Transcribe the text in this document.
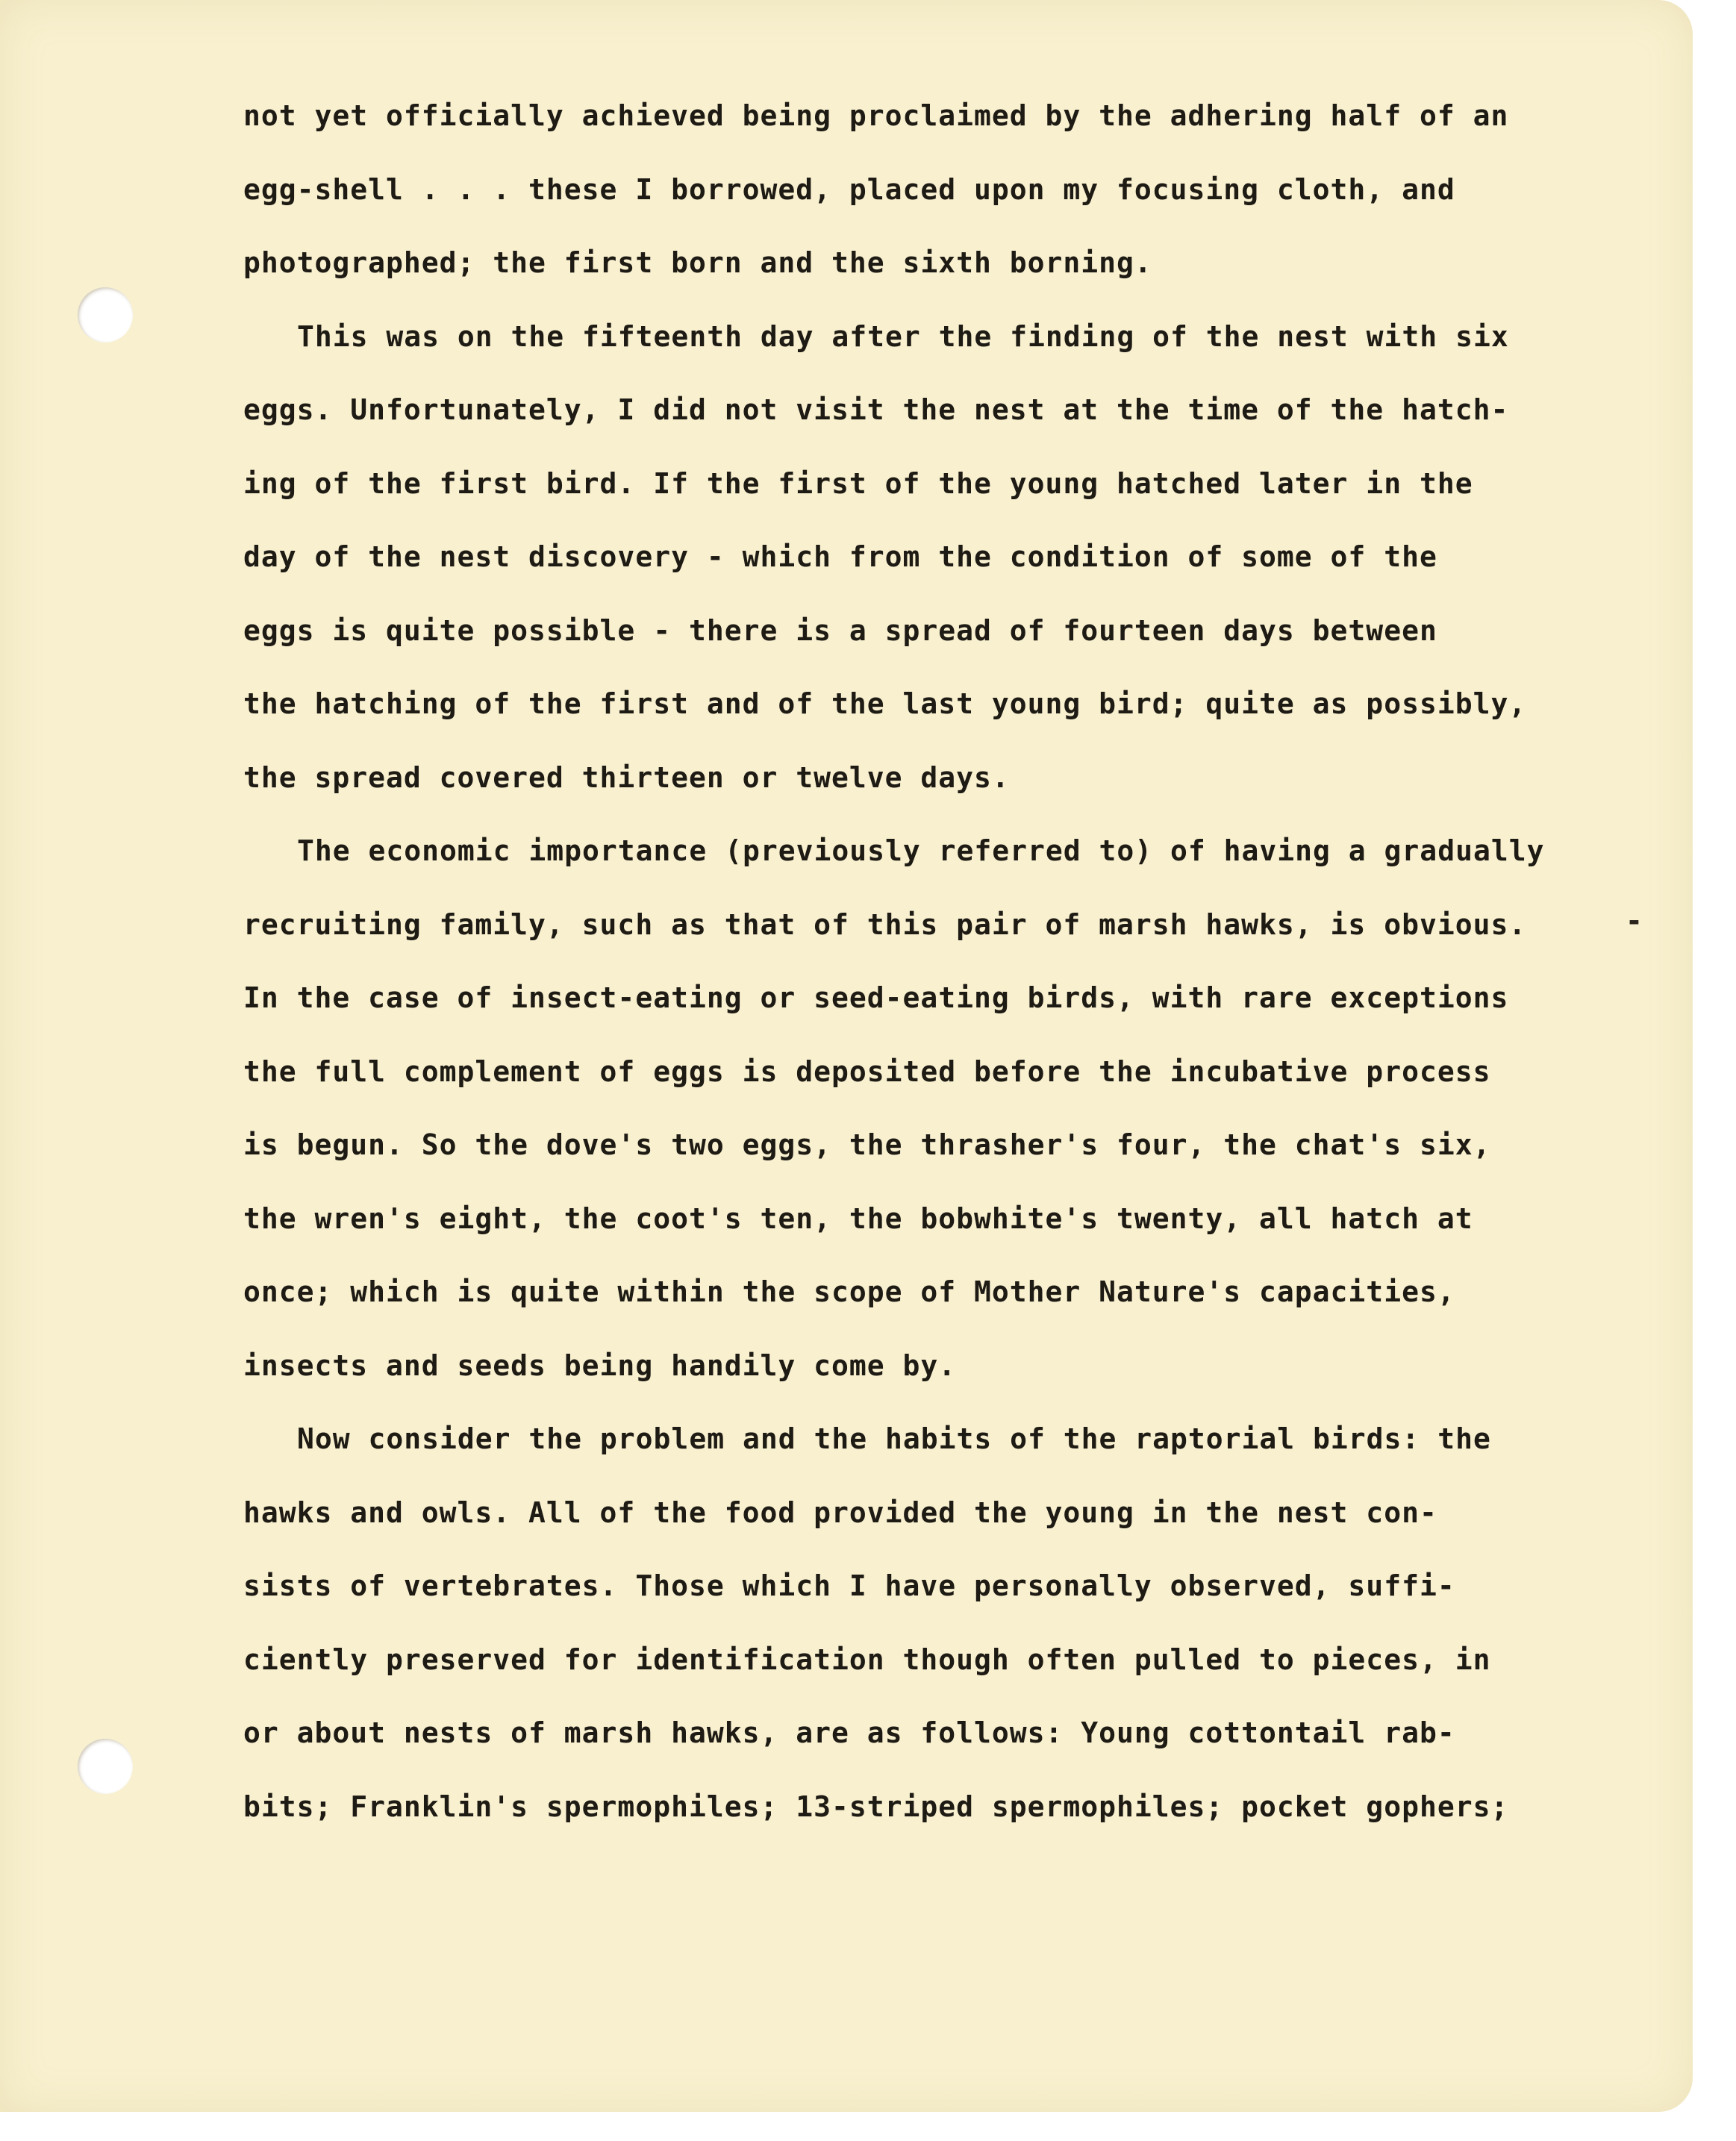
not yet officially achieved being proclaimed by the adhering half of an
egg-shell . . . these I borrowed, placed upon my focusing cloth, and
photographed; the first born and the sixth borning.
This was on the fifteenth day after the finding of the nest with six
eggs. Unfortunately, I did not visit the nest at the time of the hatch-
ing of the first bird. If the first of the young hatched later in the
day of the nest discovery - which from the condition of some of the
eggs is quite possible - there is a spread of fourteen days between
the hatching of the first and of the last young bird; quite as possibly,
the spread covered thirteen or twelve days.
The economic importance (previously referred to) of having a gradually
recruiting family, such as that of this pair of marsh hawks, is obvious.
In the case of insect-eating or seed-eating birds, with rare exceptions
the full complement of eggs is deposited before the incubative process
is begun. So the dove's two eggs, the thrasher's four, the chat's six,
the wren's eight, the coot's ten, the bobwhite's twenty, all hatch at
once; which is quite within the scope of Mother Nature's capacities,
insects and seeds being handily come by.
Now consider the problem and the habits of the raptorial birds: the
hawks and owls. All of the food provided the young in the nest con-
sists of vertebrates. Those which I have personally observed, suffi-
ciently preserved for identification though often pulled to pieces, in
or about nests of marsh hawks, are as follows: Young cottontail rab-
bits; Franklin's spermophiles; 13-striped spermophiles; pocket gophers;
-
